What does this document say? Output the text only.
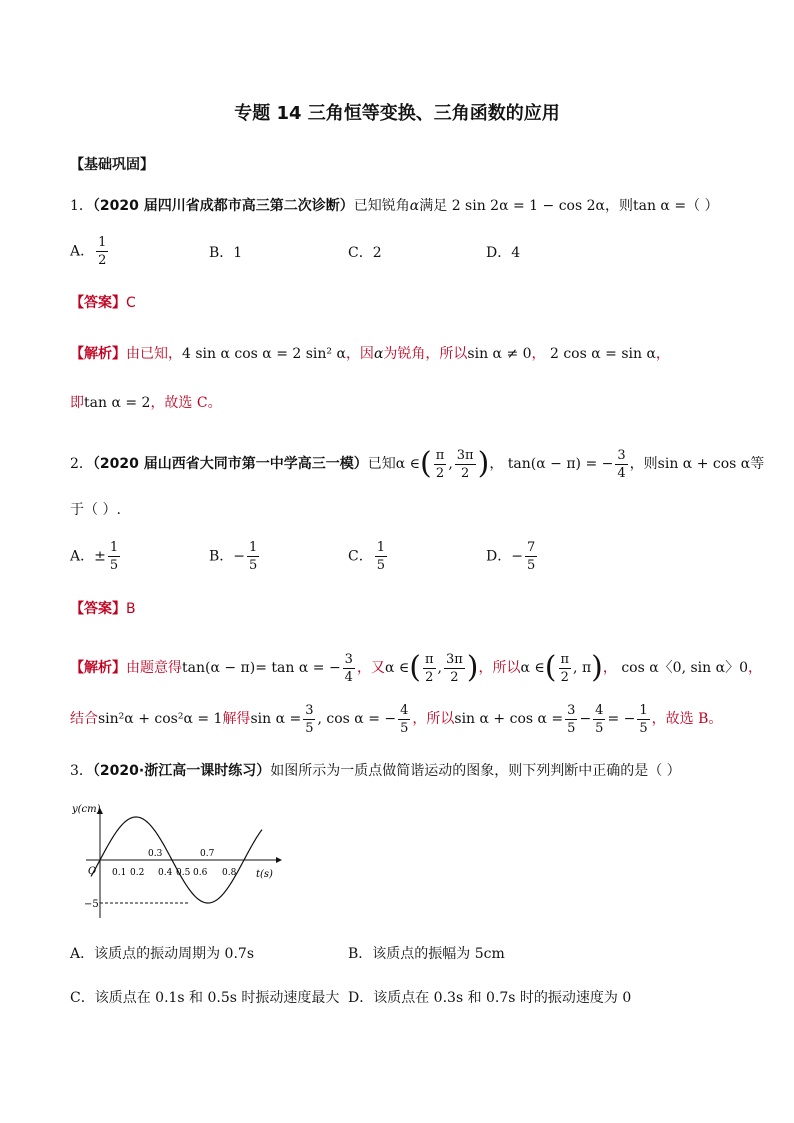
专题 14 三角恒等变换、三角函数的应用
【基础巩固】
1．（2020 届四川省成都市高三第二次诊断）已知锐角α满足 2 sin 2α = 1 − cos 2α，则tan α =（ ）
A． $\frac{1}{2}$	B．1	C．2	D．4
【答案】C
【解析】由已知，4 sin α cos α = 2 sin² α，因α为锐角，所以sin α ≠ 0， 2 cos α = sin α，
即tan α = 2，故选 C。
2．（2020 届山西省大同市第一中学高三一模）已知α ∈( $\frac{\pi}{2}$ , $\frac{3\pi}{2}$ )， tan(α − π) = − $\frac{3}{4}$ ，则sin α + cos α等
于（ ）.
A．± $\frac{1}{5}$	B．− $\frac{1}{5}$	C． $\frac{1}{5}$	D．− $\frac{7}{5}$
【答案】B
【解析】由题意得tan(α − π)= tan α = − $\frac{3}{4}$ ，又α ∈( $\frac{\pi}{2}$ , $\frac{3\pi}{2}$ )，所以α ∈( $\frac{\pi}{2}$ , π)， cos α〈0, sin α〉0，
结合sin²α + cos²α = 1解得$\sin \alpha = \frac{3}{5}$ , cos α = − $\frac{4}{5}$ ，所以$\sin \alpha + \cos \alpha = \frac{3}{5} - \frac{4}{5}$ = − $\frac{1}{5}$ ，故选 B。
3．（2020·浙江高一课时练习）如图所示为一质点做简谐运动的图象，则下列判断中正确的是（ ）
y(cm)
O
−5
t(s)
0.1 0.2 0.4 0.5 0.6 0.8
0.3	0.7
A．该质点的振动周期为 0.7s	B．该质点的振幅为 5cm
C．该质点在 0.1s 和 0.5s 时振动速度最大 D．该质点在 0.3s 和 0.7s 时的振动速度为 0
